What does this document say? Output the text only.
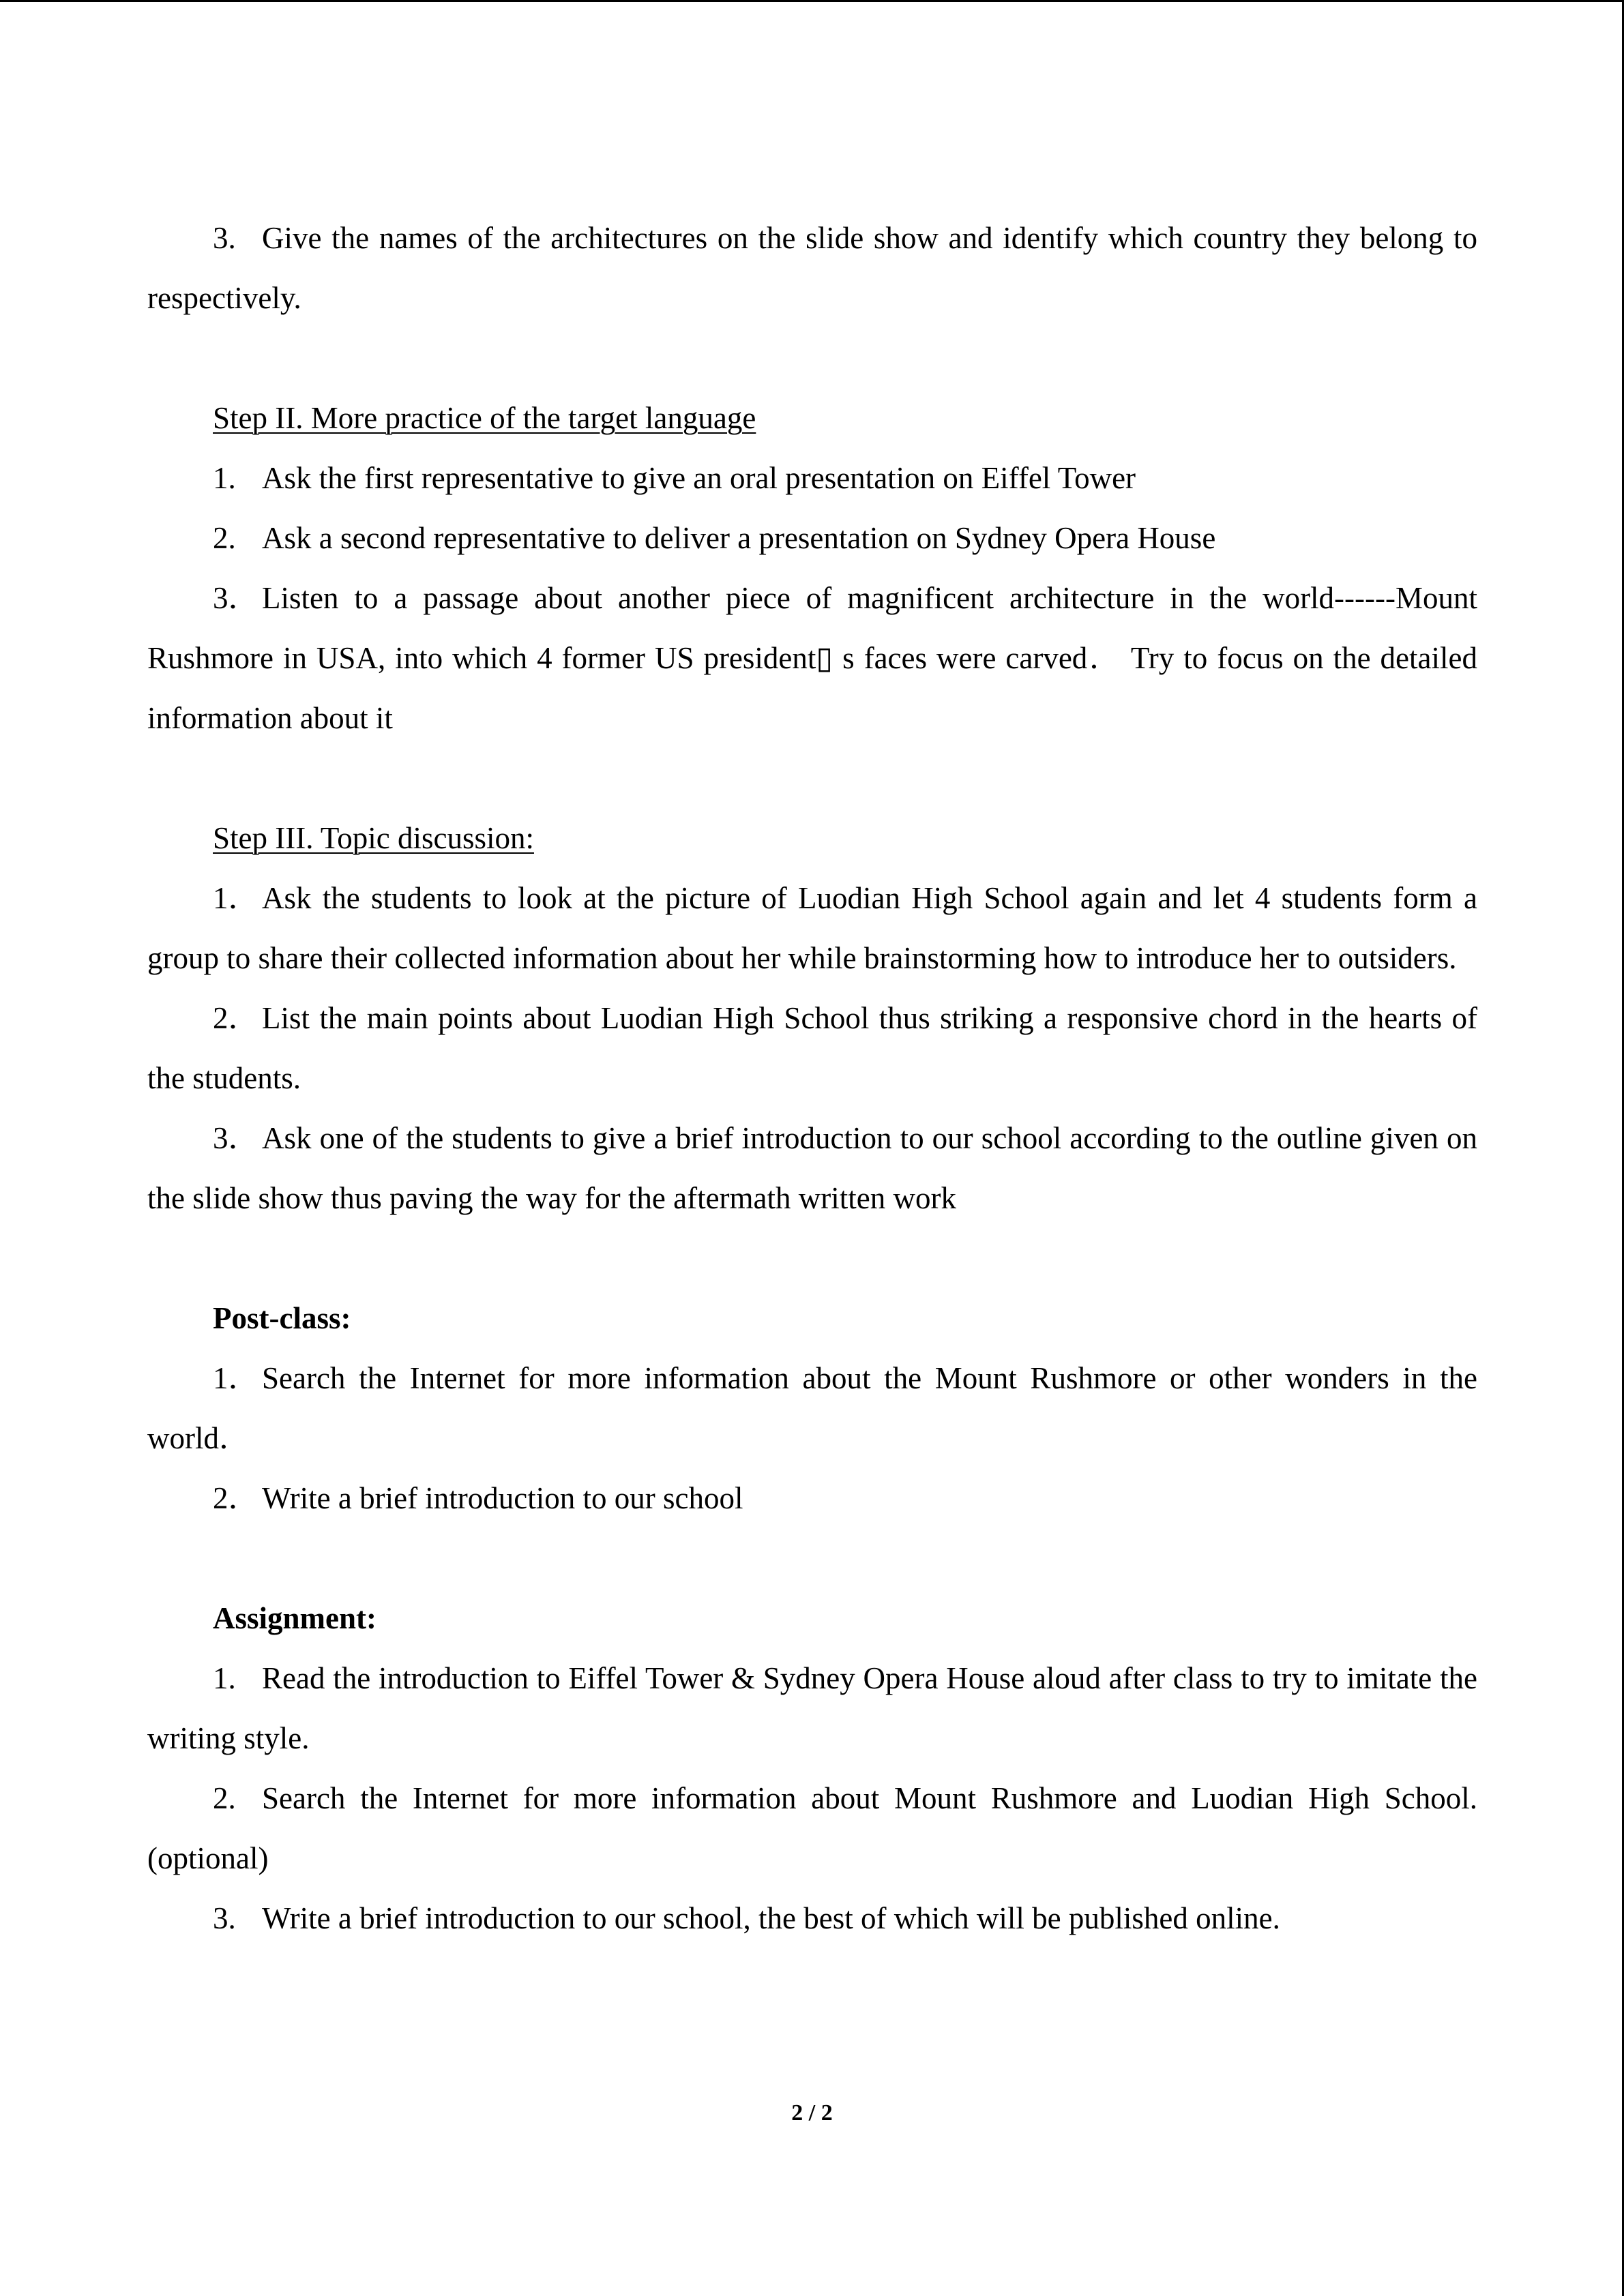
3. Give the names of the architectures on the slide show and identify which country they belong to respectively.

Step II. More practice of the target language

1. Ask the first representative to give an oral presentation on Eiffel Tower

2. Ask a second representative to deliver a presentation on Sydney Opera House

3．Listen to a passage about another piece of magnificent architecture in the world------Mount Rushmore in USA, into which 4 former US president▯ s faces were carved． Try to focus on the detailed information about it

Step III. Topic discussion:

1．Ask the students to look at the picture of Luodian High School again and let 4 students form a group to share their collected information about her while brainstorming how to introduce her to outsiders.

2．List the main points about Luodian High School thus striking a responsive chord in the hearts of the students.

3．Ask one of the students to give a brief introduction to our school according to the outline given on the slide show thus paving the way for the aftermath written work

Post-class:

1．Search the Internet for more information about the Mount Rushmore or other wonders in the world．

2．Write a brief introduction to our school

Assignment:

1. Read the introduction to Eiffel Tower & Sydney Opera House aloud after class to try to imitate the writing style.

2. Search the Internet for more information about Mount Rushmore and Luodian High School. (optional)

3. Write a brief introduction to our school, the best of which will be published online.

2 / 2
